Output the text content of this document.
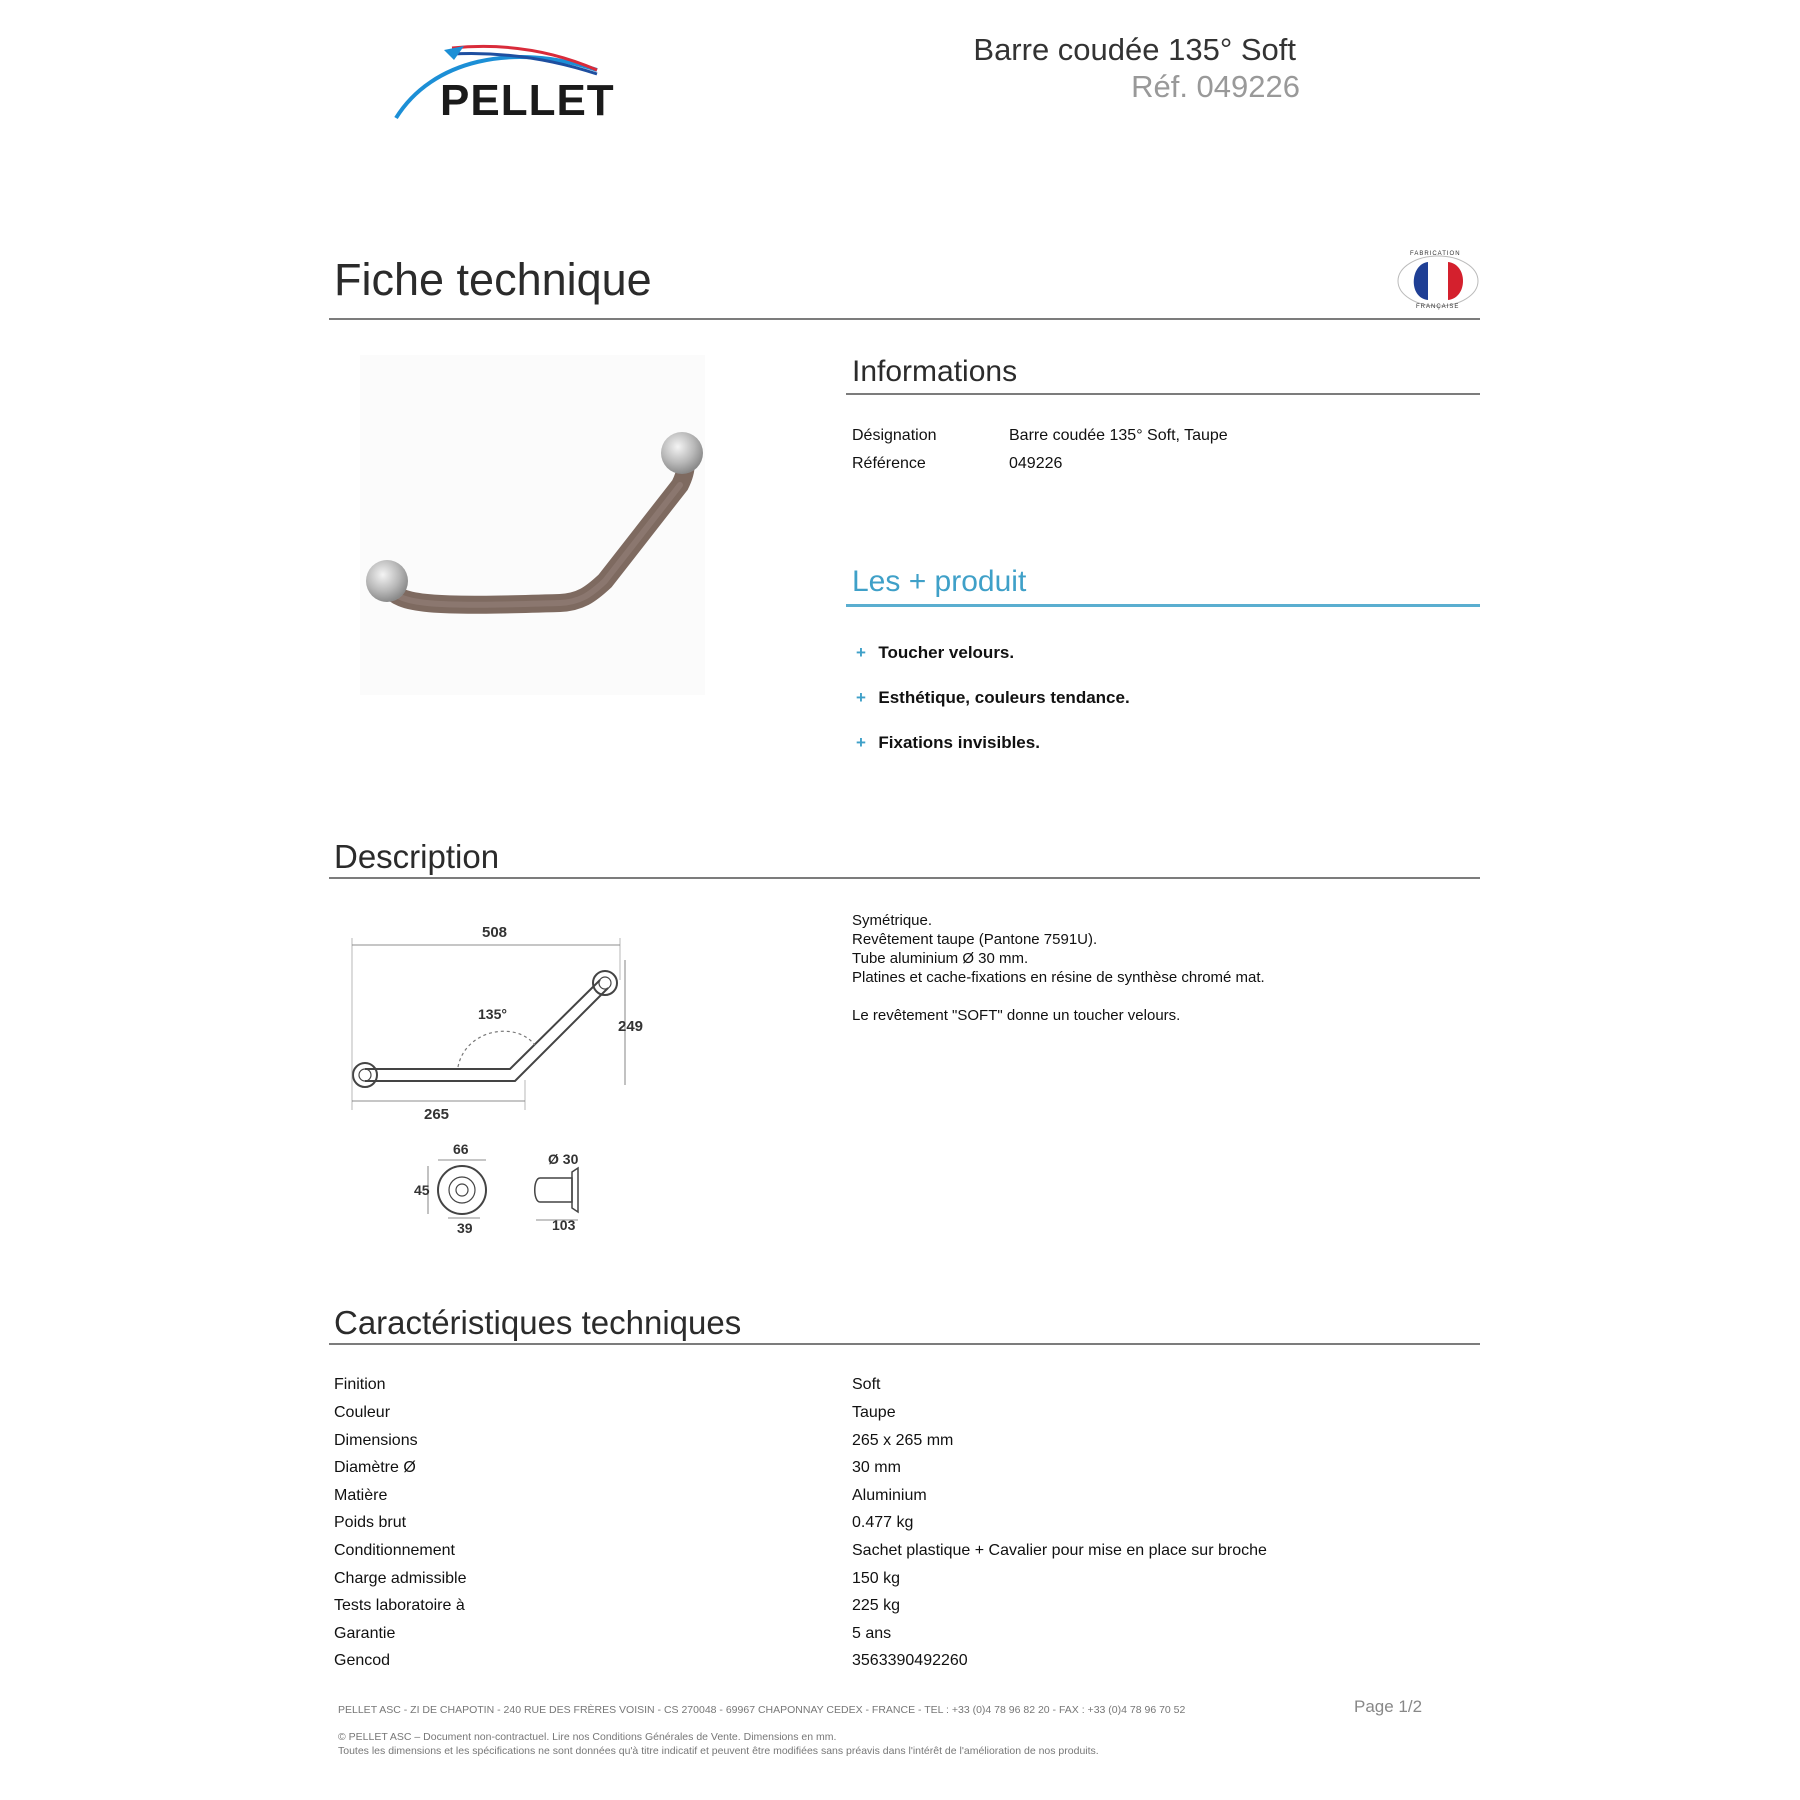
PELLET
Barre coudée 135° Soft
Réf. 049226
Fiche technique	FABRICATION
FRANÇAISE
Informations
Désignation	Barre coudée 135° Soft, Taupe
Référence	049226
Les + produit
+ Toucher velours.
+ Esthétique, couleurs tendance.
+ Fixations invisibles.
Description
508
135°
249
265
66
45
39
Ø 30
103
Symétrique.
Revêtement taupe (Pantone 7591U).
Tube aluminium Ø 30 mm.
Platines et cache-fixations en résine de synthèse chromé mat.
Le revêtement "SOFT" donne un toucher velours.
Caractéristiques techniques
Finition	Soft
Couleur	Taupe
Dimensions	265 x 265 mm
Diamètre Ø	30 mm
Matière	Aluminium
Poids brut	0.477 kg
Conditionnement	Sachet plastique + Cavalier pour mise en place sur broche
Charge admissible	150 kg
Tests laboratoire à	225 kg
Garantie	5 ans
Gencod	3563390492260
PELLET ASC - ZI DE CHAPOTIN - 240 RUE DES FRÈRES VOISIN - CS 270048 - 69967 CHAPONNAY CEDEX - FRANCE - TEL : +33 (0)4 78 96 82 20 - FAX : +33 (0)4 78 96 70 52	Page 1/2
© PELLET ASC – Document non-contractuel. Lire nos Conditions Générales de Vente. Dimensions en mm.
Toutes les dimensions et les spécifications ne sont données qu'à titre indicatif et peuvent être modifiées sans préavis dans l'intérêt de l'amélioration de nos produits.
